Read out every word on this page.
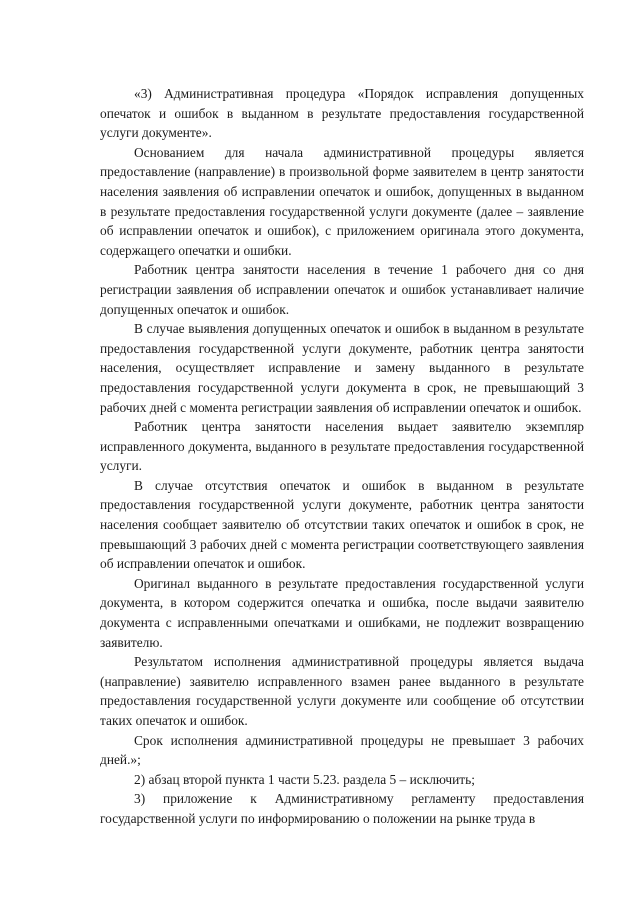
«3) Административная процедура «Порядок исправления допущенных опечаток и ошибок в выданном в результате предоставления государственной услуги документе».

Основанием для начала административной процедуры является предоставление (направление) в произвольной форме заявителем в центр занятости населения заявления об исправлении опечаток и ошибок, допущенных в выданном в результате предоставления государственной услуги документе (далее – заявление об исправлении опечаток и ошибок), с приложением оригинала этого документа, содержащего опечатки и ошибки.

Работник центра занятости населения в течение 1 рабочего дня со дня регистрации заявления об исправлении опечаток и ошибок устанавливает наличие допущенных опечаток и ошибок.

В случае выявления допущенных опечаток и ошибок в выданном в результате предоставления государственной услуги документе, работник центра занятости населения, осуществляет исправление и замену выданного в результате предоставления государственной услуги документа в срок, не превышающий 3 рабочих дней с момента регистрации заявления об исправлении опечаток и ошибок.

Работник центра занятости населения выдает заявителю экземпляр исправленного документа, выданного в результате предоставления государственной услуги.

В случае отсутствия опечаток и ошибок в выданном в результате предоставления государственной услуги документе, работник центра занятости населения сообщает заявителю об отсутствии таких опечаток и ошибок в срок, не превышающий 3 рабочих дней с момента регистрации соответствующего заявления об исправлении опечаток и ошибок.

Оригинал выданного в результате предоставления государственной услуги документа, в котором содержится опечатка и ошибка, после выдачи заявителю документа с исправленными опечатками и ошибками, не подлежит возвращению заявителю.

Результатом исполнения административной процедуры является выдача (направление) заявителю исправленного взамен ранее выданного в результате предоставления государственной услуги документе или сообщение об отсутствии таких опечаток и ошибок.

Срок исполнения административной процедуры не превышает 3 рабочих дней.»;

2) абзац второй пункта 1 части 5.23. раздела 5 – исключить;

3) приложение к Административному регламенту предоставления государственной услуги по информированию о положении на рынке труда в
